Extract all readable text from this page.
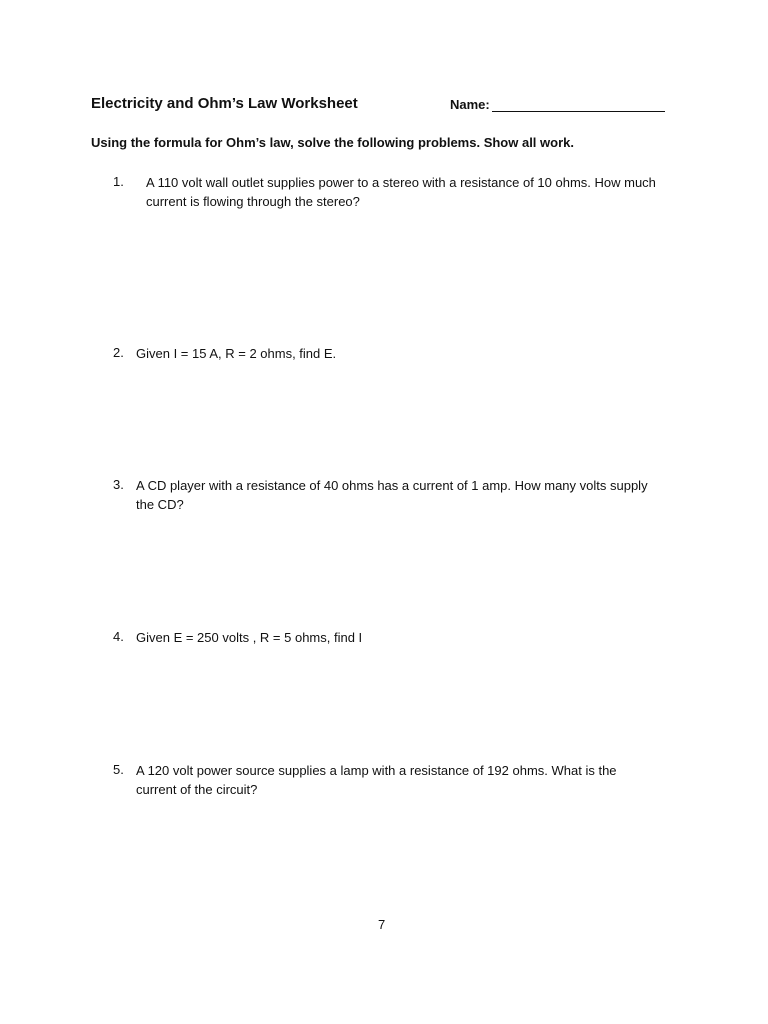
Electricity and Ohm’s Law Worksheet	Name:
Using the formula for Ohm’s law, solve the following problems. Show all work.
1. A 110 volt wall outlet supplies power to a stereo with a resistance of 10 ohms. How much current is flowing through the stereo?
2. Given I = 15 A, R = 2 ohms, find E.
3. A CD player with a resistance of 40 ohms has a current of 1 amp. How many volts supply the CD?
4. Given E = 250 volts , R = 5 ohms, find I
5. A 120 volt power source supplies a lamp with a resistance of 192 ohms. What is the current of the circuit?
7
